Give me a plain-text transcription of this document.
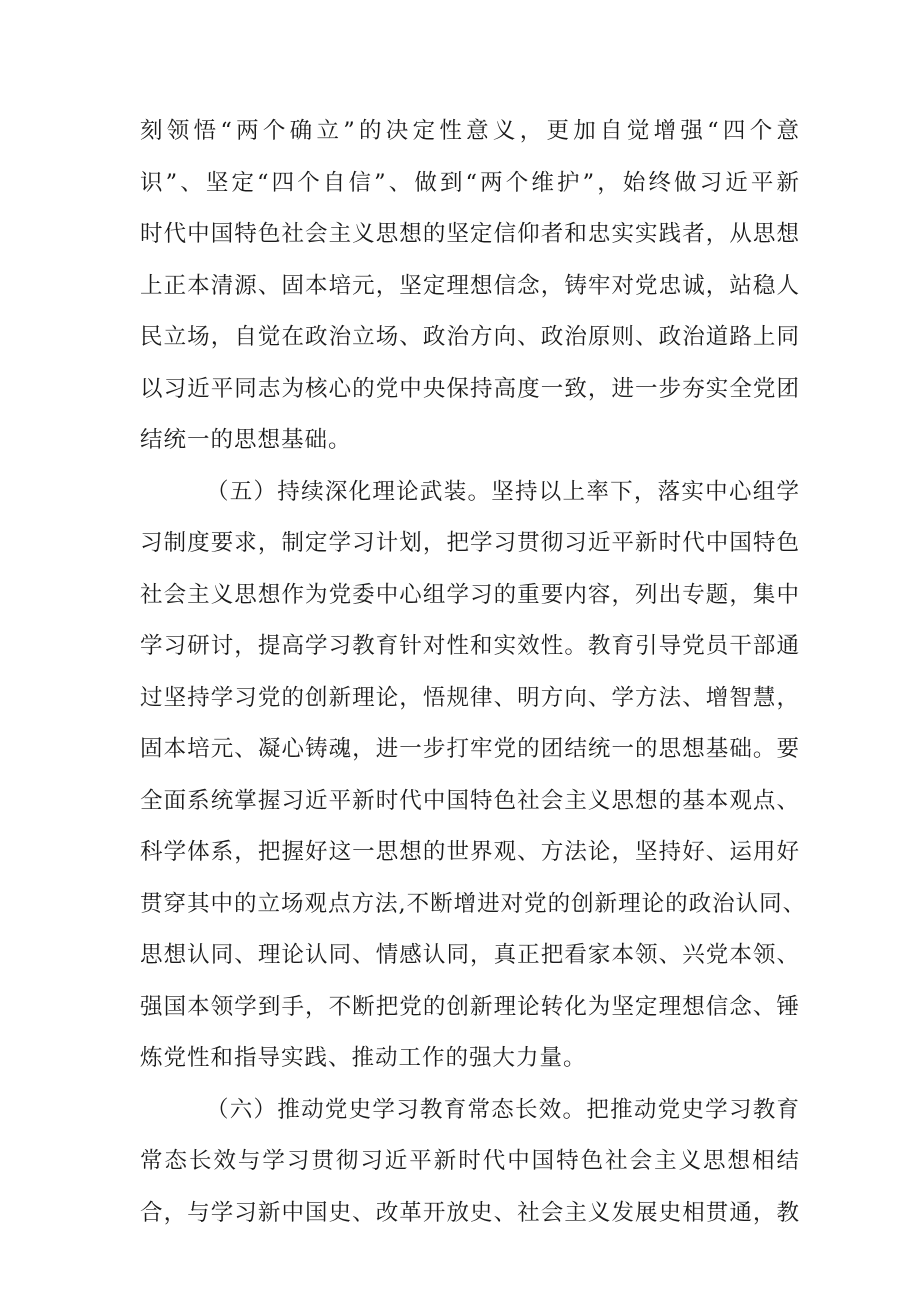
刻领悟“两个确立”的决定性意义，更加自觉增强“四个意
识”、坚定“四个自信”、做到“两个维护”，始终做习近平新
时代中国特色社会主义思想的坚定信仰者和忠实实践者，从思想
上正本清源、固本培元，坚定理想信念，铸牢对党忠诚，站稳人
民立场，自觉在政治立场、政治方向、政治原则、政治道路上同
以习近平同志为核心的党中央保持高度一致，进一步夯实全党团
结统一的思想基础。
（五）持续深化理论武装。坚持以上率下，落实中心组学
习制度要求，制定学习计划，把学习贯彻习近平新时代中国特色
社会主义思想作为党委中心组学习的重要内容，列出专题，集中
学习研讨，提高学习教育针对性和实效性。教育引导党员干部通
过坚持学习党的创新理论，悟规律、明方向、学方法、增智慧，
固本培元、凝心铸魂，进一步打牢党的团结统一的思想基础。要
全面系统掌握习近平新时代中国特色社会主义思想的基本观点、
科学体系，把握好这一思想的世界观、方法论，坚持好、运用好
贯穿其中的立场观点方法,不断增进对党的创新理论的政治认同、
思想认同、理论认同、情感认同，真正把看家本领、兴党本领、
强国本领学到手，不断把党的创新理论转化为坚定理想信念、锤
炼党性和指导实践、推动工作的强大力量。
（六）推动党史学习教育常态长效。把推动党史学习教育
常态长效与学习贯彻习近平新时代中国特色社会主义思想相结
合，与学习新中国史、改革开放史、社会主义发展史相贯通，教
